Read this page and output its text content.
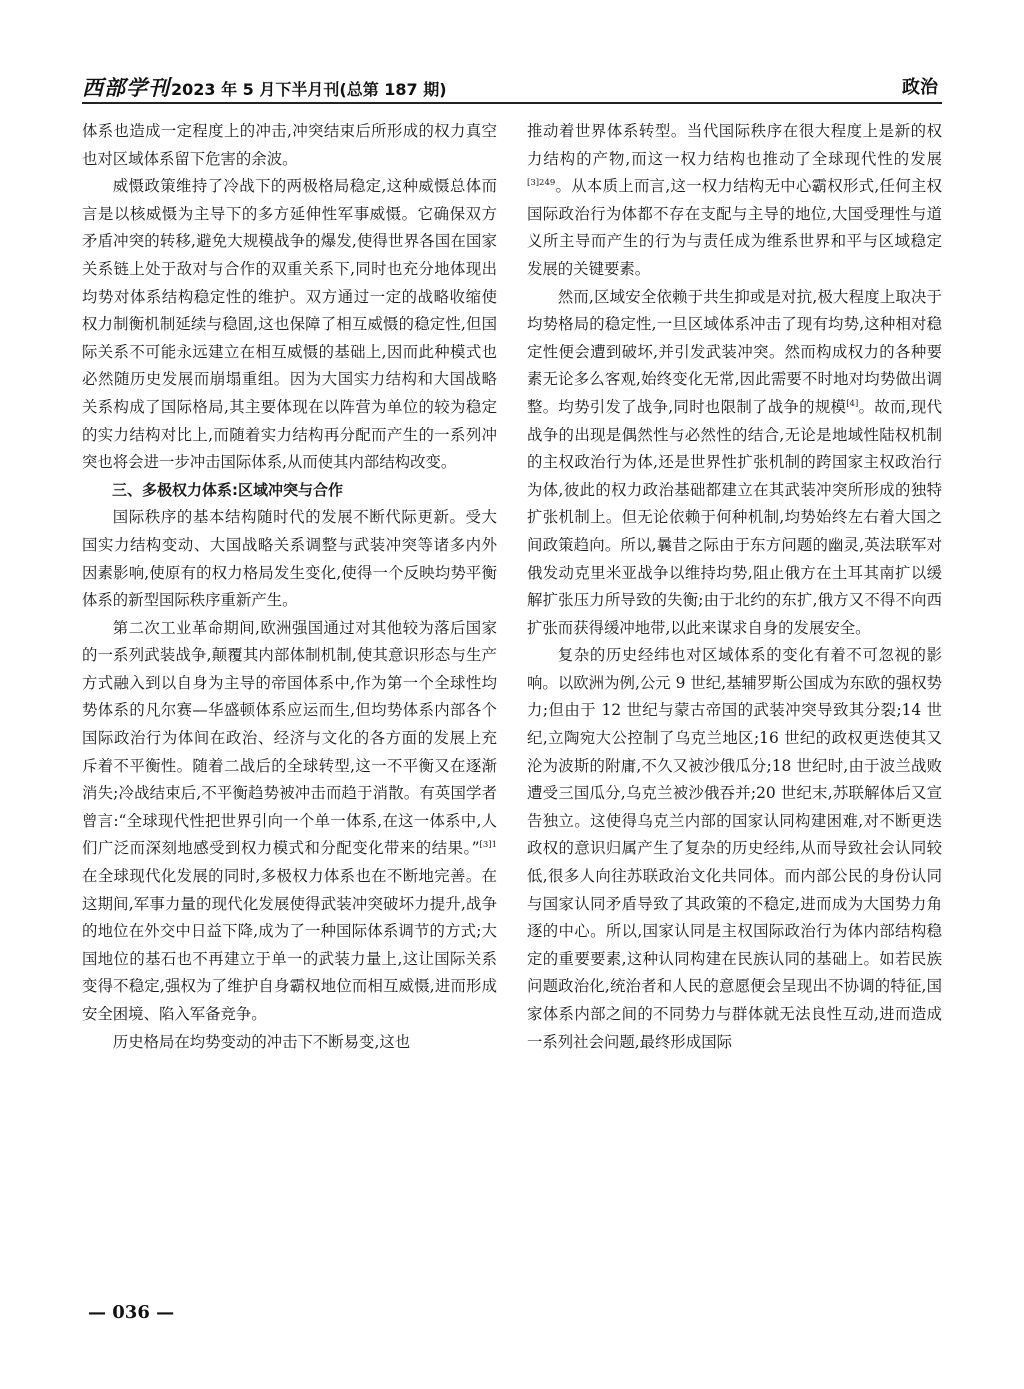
西部学刊2023 年 5 月下半月刊(总第 187 期)	政治

体系也造成一定程度上的冲击,冲突结束后所形成的权力真空也对区域体系留下危害的余波。

威慑政策维持了冷战下的两极格局稳定,这种威慑总体而言是以核威慑为主导下的多方延伸性军事威慑。它确保双方矛盾冲突的转移,避免大规模战争的爆发,使得世界各国在国家关系链上处于敌对与合作的双重关系下,同时也充分地体现出均势对体系结构稳定性的维护。双方通过一定的战略收缩使权力制衡机制延续与稳固,这也保障了相互威慑的稳定性,但国际关系不可能永远建立在相互威慑的基础上,因而此种模式也必然随历史发展而崩塌重组。因为大国实力结构和大国战略关系构成了国际格局,其主要体现在以阵营为单位的较为稳定的实力结构对比上,而随着实力结构再分配而产生的一系列冲突也将会进一步冲击国际体系,从而使其内部结构改变。

三、多极权力体系:区域冲突与合作

国际秩序的基本结构随时代的发展不断代际更新。受大国实力结构变动、大国战略关系调整与武装冲突等诸多内外因素影响,使原有的权力格局发生变化,使得一个反映均势平衡体系的新型国际秩序重新产生。

第二次工业革命期间,欧洲强国通过对其他较为落后国家的一系列武装战争,颠覆其内部体制机制,使其意识形态与生产方式融入到以自身为主导的帝国体系中,作为第一个全球性均势体系的凡尔赛—华盛顿体系应运而生,但均势体系内部各个国际政治行为体间在政治、经济与文化的各方面的发展上充斥着不平衡性。随着二战后的全球转型,这一不平衡又在逐渐消失;冷战结束后,不平衡趋势被冲击而趋于消散。有英国学者曾言:“全球现代性把世界引向一个单一体系,在这一体系中,人们广泛而深刻地感受到权力模式和分配变化带来的结果。”$^{[3]1}$ 在全球现代化发展的同时,多极权力体系也在不断地完善。在这期间,军事力量的现代化发展使得武装冲突破坏力提升,战争的地位在外交中日益下降,成为了一种国际体系调节的方式;大国地位的基石也不再建立于单一的武装力量上,这让国际关系变得不稳定,强权为了维护自身霸权地位而相互威慑,进而形成安全困境、陷入军备竞争。

历史格局在均势变动的冲击下不断易变,这也

推动着世界体系转型。当代国际秩序在很大程度上是新的权力结构的产物,而这一权力结构也推动了全球现代性的发展$^{[3]249}$。从本质上而言,这一权力结构无中心霸权形式,任何主权国际政治行为体都不存在支配与主导的地位,大国受理性与道义所主导而产生的行为与责任成为维系世界和平与区域稳定发展的关键要素。

然而,区域安全依赖于共生抑或是对抗,极大程度上取决于均势格局的稳定性,一旦区域体系冲击了现有均势,这种相对稳定性便会遭到破坏,并引发武装冲突。然而构成权力的各种要素无论多么客观,始终变化无常,因此需要不时地对均势做出调整。均势引发了战争,同时也限制了战争的规模[4]。故而,现代战争的出现是偶然性与必然性的结合,无论是地域性陆权机制的主权政治行为体,还是世界性扩张机制的跨国家主权政治行为体,彼此的权力政治基础都建立在其武装冲突所形成的独特扩张机制上。但无论依赖于何种机制,均势始终左右着大国之间政策趋向。所以,曩昔之际由于东方问题的幽灵,英法联军对俄发动克里米亚战争以维持均势,阻止俄方在土耳其南扩以缓解扩张压力所导致的失衡;由于北约的东扩,俄方又不得不向西扩张而获得缓冲地带,以此来谋求自身的发展安全。

复杂的历史经纬也对区域体系的变化有着不可忽视的影响。以欧洲为例,公元 9 世纪,基辅罗斯公国成为东欧的强权势力;但由于 12 世纪与蒙古帝国的武装冲突导致其分裂;14 世纪,立陶宛大公控制了乌克兰地区;16 世纪的政权更迭使其又沦为波斯的附庸,不久又被沙俄瓜分;18 世纪时,由于波兰战败遭受三国瓜分,乌克兰被沙俄吞并;20 世纪末,苏联解体后又宣告独立。这使得乌克兰内部的国家认同构建困难,对不断更迭政权的意识归属产生了复杂的历史经纬,从而导致社会认同较低,很多人向往苏联政治文化共同体。而内部公民的身份认同与国家认同矛盾导致了其政策的不稳定,进而成为大国势力角逐的中心。所以,国家认同是主权国际政治行为体内部结构稳定的重要要素,这种认同构建在民族认同的基础上。如若民族问题政治化,统治者和人民的意愿便会呈现出不协调的特征,国家体系内部之间的不同势力与群体就无法良性互动,进而造成一系列社会问题,最终形成国际

— 036 —
